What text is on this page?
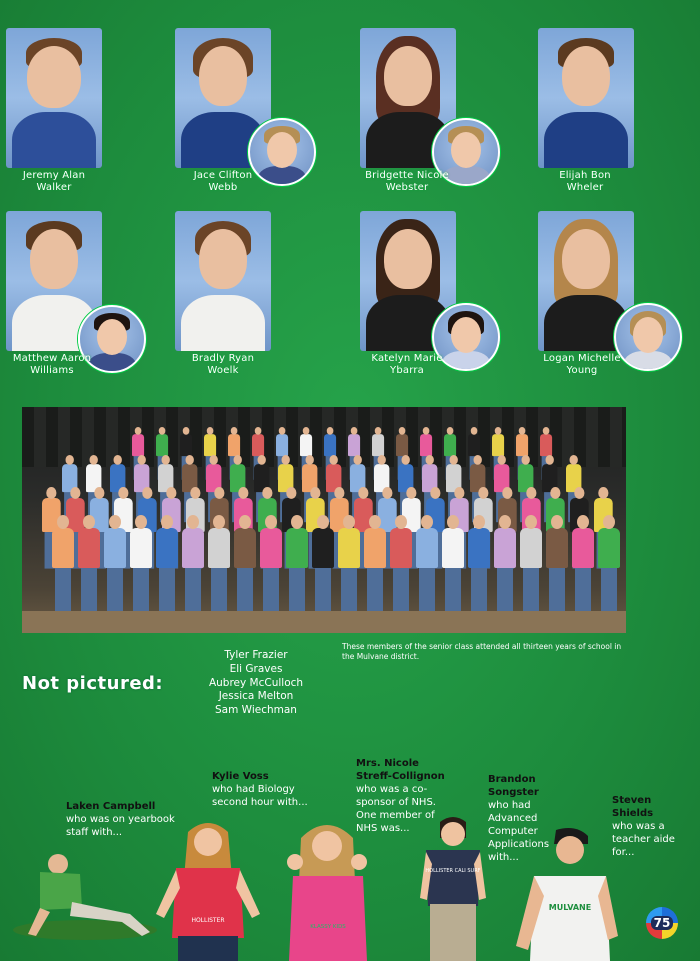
Jeremy Alan
Walker
Jace Clifton
Webb
Bridgette Nicole
Webster
Elijah Bon
Wheler
Matthew Aaron
Williams
Bradly Ryan
Woelk
Katelyn Marie
Ybarra
Logan Michelle
Young
These members of the senior class attended all thirteen years of school in the Mulvane district.
Not pictured:
Tyler Frazier
Eli Graves
Aubrey McCulloch
Jessica Melton
Sam Wiechman
Laken Campbell
who was on yearbook staff with...
Kylie Voss
who had Biology second hour with...
Mrs. Nicole Streff-Collignon
who was a co-sponsor of NHS. One member of NHS was...
Brandon Songster
who had Advanced Computer Applications with...
Steven Shields
who was a teacher aide for...
HOLLISTER
KLASSY KIDS
HOLLISTER CALI SURF
MULVANE
75
